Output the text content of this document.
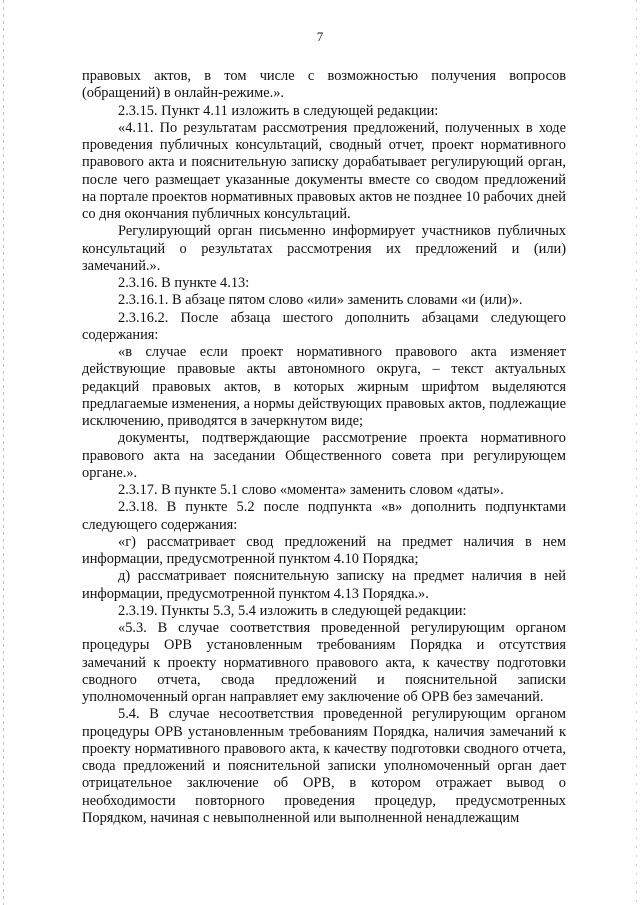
7

правовых актов, в том числе с возможностью получения вопросов (обращений) в онлайн-режиме.».

2.3.15. Пункт 4.11 изложить в следующей редакции:

«4.11. По результатам рассмотрения предложений, полученных в ходе проведения публичных консультаций, сводный отчет, проект нормативного правового акта и пояснительную записку дорабатывает регулирующий орган, после чего размещает указанные документы вместе со сводом предложений на портале проектов нормативных правовых актов не позднее 10 рабочих дней со дня окончания публичных консультаций.

Регулирующий орган письменно информирует участников публичных консультаций о результатах рассмотрения их предложений и (или) замечаний.».

2.3.16. В пункте 4.13:

2.3.16.1. В абзаце пятом слово «или» заменить словами «и (или)».

2.3.16.2. После абзаца шестого дополнить абзацами следующего содержания:

«в случае если проект нормативного правового акта изменяет действующие правовые акты автономного округа, – текст актуальных редакций правовых актов, в которых жирным шрифтом выделяются предлагаемые изменения, а нормы действующих правовых актов, подлежащие исключению, приводятся в зачеркнутом виде;

документы, подтверждающие рассмотрение проекта нормативного правового акта на заседании Общественного совета при регулирующем органе.».

2.3.17. В пункте 5.1 слово «момента» заменить словом «даты».

2.3.18. В пункте 5.2 после подпункта «в» дополнить подпунктами следующего содержания:

«г) рассматривает свод предложений на предмет наличия в нем информации, предусмотренной пунктом 4.10 Порядка;

д) рассматривает пояснительную записку на предмет наличия в ней информации, предусмотренной пунктом 4.13 Порядка.».

2.3.19. Пункты 5.3, 5.4 изложить в следующей редакции:

«5.3. В случае соответствия проведенной регулирующим органом процедуры ОРВ установленным требованиям Порядка и отсутствия замечаний к проекту нормативного правового акта, к качеству подготовки сводного отчета, свода предложений и пояснительной записки уполномоченный орган направляет ему заключение об ОРВ без замечаний.

5.4. В случае несоответствия проведенной регулирующим органом процедуры ОРВ установленным требованиям Порядка, наличия замечаний к проекту нормативного правового акта, к качеству подготовки сводного отчета, свода предложений и пояснительной записки уполномоченный орган дает отрицательное заключение об ОРВ, в котором отражает вывод о необходимости повторного проведения процедур, предусмотренных Порядком, начиная с невыполненной или выполненной ненадлежащим
